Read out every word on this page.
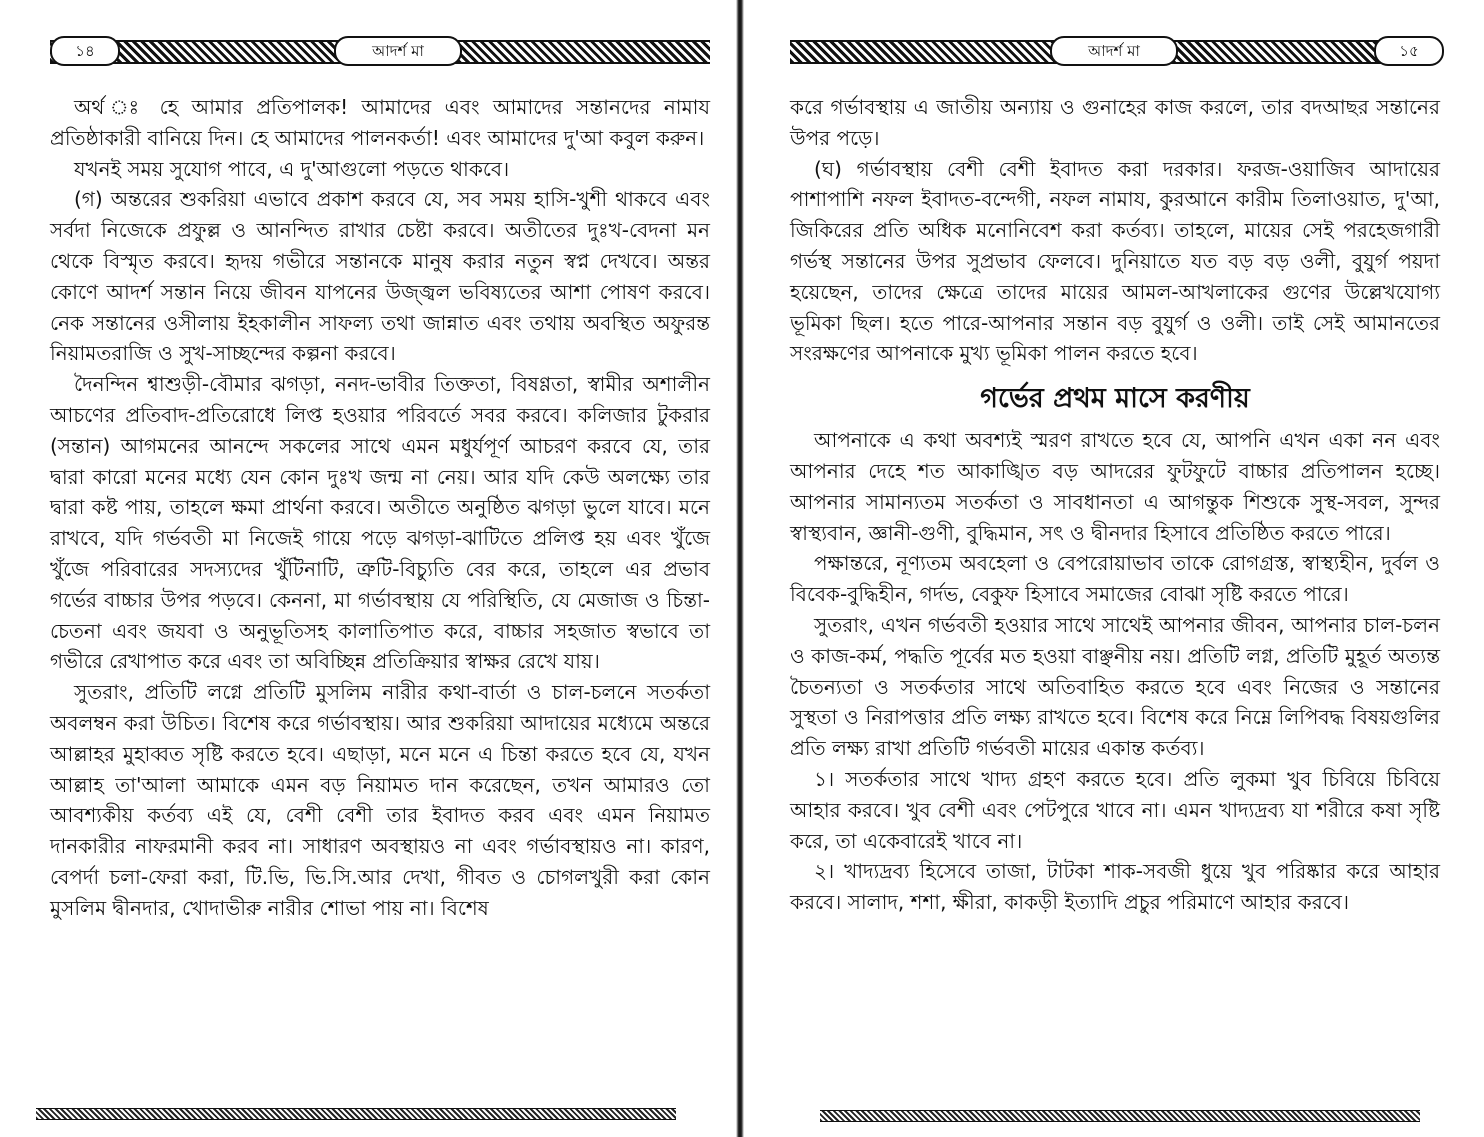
১৪	আদর্শ মা

অর্থ ঃ হে আমার প্রতিপালক! আমাদের এবং আমাদের সন্তানদের নামায প্রতিষ্ঠাকারী বানিয়ে দিন। হে আমাদের পালনকর্তা! এবং আমাদের দু'আ কবুল করুন।

যখনই সময় সুযোগ পাবে, এ দু'আগুলো পড়তে থাকবে।

(গ) অন্তরের শুকরিয়া এভাবে প্রকাশ করবে যে, সব সময় হাসি-খুশী থাকবে এবং সর্বদা নিজেকে প্রফুল্ল ও আনন্দিত রাখার চেষ্টা করবে। অতীতের দুঃখ-বেদনা মন থেকে বিস্মৃত করবে। হৃদয় গভীরে সন্তানকে মানুষ করার নতুন স্বপ্ন দেখবে। অন্তর কোণে আদর্শ সন্তান নিয়ে জীবন যাপনের উজ্জ্বল ভবিষ্যতের আশা পোষণ করবে। নেক সন্তানের ওসীলায় ইহকালীন সাফল্য তথা জান্নাত এবং তথায় অবস্থিত অফুরন্ত নিয়ামতরাজি ও সুখ-সাচ্ছন্দের কল্পনা করবে।

দৈনন্দিন শ্বাশুড়ী-বৌমার ঝগড়া, ননদ-ভাবীর তিক্ততা, বিষণ্ণতা, স্বামীর অশালীন আচণের প্রতিবাদ-প্রতিরোধে লিপ্ত হওয়ার পরিবর্তে সবর করবে। কলিজার টুকরার (সন্তান) আগমনের আনন্দে সকলের সাথে এমন মধুর্যপূর্ণ আচরণ করবে যে, তার দ্বারা কারো মনের মধ্যে যেন কোন দুঃখ জন্ম না নেয়। আর যদি কেউ অলক্ষ্যে তার দ্বারা কষ্ট পায়, তাহলে ক্ষমা প্রার্থনা করবে। অতীতে অনুষ্ঠিত ঝগড়া ভুলে যাবে। মনে রাখবে, যদি গর্ভবতী মা নিজেই গায়ে পড়ে ঝগড়া-ঝাটিতে প্রলিপ্ত হয় এবং খুঁজে খুঁজে পরিবারের সদস্যদের খুঁটিনাটি, ত্রুটি-বিচ্যুতি বের করে, তাহলে এর প্রভাব গর্ভের বাচ্চার উপর পড়বে। কেননা, মা গর্ভাবস্থায় যে পরিস্থিতি, যে মেজাজ ও চিন্তা-চেতনা এবং জযবা ও অনুভূতিসহ কালাতিপাত করে, বাচ্চার সহজাত স্বভাবে তা গভীরে রেখাপাত করে এবং তা অবিচ্ছিন্ন প্রতিক্রিয়ার স্বাক্ষর রেখে যায়।

সুতরাং, প্রতিটি লগ্নে প্রতিটি মুসলিম নারীর কথা-বার্তা ও চাল-চলনে সতর্কতা অবলম্বন করা উচিত। বিশেষ করে গর্ভাবস্থায়। আর শুকরিয়া আদায়ের মধ্যেমে অন্তরে আল্লাহর মুহাব্বত সৃষ্টি করতে হবে। এছাড়া, মনে মনে এ চিন্তা করতে হবে যে, যখন আল্লাহ তা'আলা আমাকে এমন বড় নিয়ামত দান করেছেন, তখন আমারও তো আবশ্যকীয় কর্তব্য এই যে, বেশী বেশী তার ইবাদত করব এবং এমন নিয়ামত দানকারীর নাফরমানী করব না। সাধারণ অবস্থায়ও না এবং গর্ভাবস্থায়ও না। কারণ, বেপর্দা চলা-ফেরা করা, টি.ভি, ভি.সি.আর দেখা, গীবত ও চোগলখুরী করা কোন মুসলিম দ্বীনদার, খোদাভীরু নারীর শোভা পায় না। বিশেষ

আদর্শ মা	১৫

করে গর্ভাবস্থায় এ জাতীয় অন্যায় ও গুনাহের কাজ করলে, তার বদআছর সন্তানের উপর পড়ে।

(ঘ) গর্ভাবস্থায় বেশী বেশী ইবাদত করা দরকার। ফরজ-ওয়াজিব আদায়ের পাশাপাশি নফল ইবাদত-বন্দেগী, নফল নামায, কুরআনে কারীম তিলাওয়াত, দু'আ, জিকিরের প্রতি অধিক মনোনিবেশ করা কর্তব্য। তাহলে, মায়ের সেই পরহেজগারী গর্ভস্থ সন্তানের উপর সুপ্রভাব ফেলবে। দুনিয়াতে যত বড় বড় ওলী, বুযুর্গ পয়দা হয়েছেন, তাদের ক্ষেত্রে তাদের মায়ের আমল-আখলাকের গুণের উল্লেখযোগ্য ভূমিকা ছিল। হতে পারে-আপনার সন্তান বড় বুযুর্গ ও ওলী। তাই সেই আমানতের সংরক্ষণের আপনাকে মুখ্য ভূমিকা পালন করতে হবে।

গর্ভের প্রথম মাসে করণীয়

আপনাকে এ কথা অবশ্যই স্মরণ রাখতে হবে যে, আপনি এখন একা নন এবং আপনার দেহে শত আকাঙ্খিত বড় আদরের ফুটফুটে বাচ্চার প্রতিপালন হচ্ছে। আপনার সামান্যতম সতর্কতা ও সাবধানতা এ আগন্তুক শিশুকে সুস্থ-সবল, সুন্দর স্বাস্থ্যবান, জ্ঞানী-গুণী, বুদ্ধিমান, সৎ ও দ্বীনদার হিসাবে প্রতিষ্ঠিত করতে পারে।

পক্ষান্তরে, নূণ্যতম অবহেলা ও বেপরোয়াভাব তাকে রোগগ্রস্ত, স্বাস্থ্যহীন, দুর্বল ও বিবেক-বুদ্ধিহীন, গর্দভ, বেকুফ হিসাবে সমাজের বোঝা সৃষ্টি করতে পারে।

সুতরাং, এখন গর্ভবতী হওয়ার সাথে সাথেই আপনার জীবন, আপনার চাল-চলন ও কাজ-কর্ম, পদ্ধতি পূর্বের মত হওয়া বাঞ্ছনীয় নয়। প্রতিটি লগ্ন, প্রতিটি মুহূর্ত অত্যন্ত চৈতন্যতা ও সতর্কতার সাথে অতিবাহিত করতে হবে এবং নিজের ও সন্তানের সুস্থতা ও নিরাপত্তার প্রতি লক্ষ্য রাখতে হবে। বিশেষ করে নিম্নে লিপিবদ্ধ বিষয়গুলির প্রতি লক্ষ্য রাখা প্রতিটি গর্ভবতী মায়ের একান্ত কর্তব্য।

১। সতর্কতার সাথে খাদ্য গ্রহণ করতে হবে। প্রতি লুকমা খুব চিবিয়ে চিবিয়ে আহার করবে। খুব বেশী এবং পেটপুরে খাবে না। এমন খাদ্যদ্রব্য যা শরীরে কষা সৃষ্টি করে, তা একেবারেই খাবে না।

২। খাদ্যদ্রব্য হিসেবে তাজা, টাটকা শাক-সবজী ধুয়ে খুব পরিষ্কার করে আহার করবে। সালাদ, শশা, ক্ষীরা, কাকড়ী ইত্যাদি প্রচুর পরিমাণে আহার করবে।
